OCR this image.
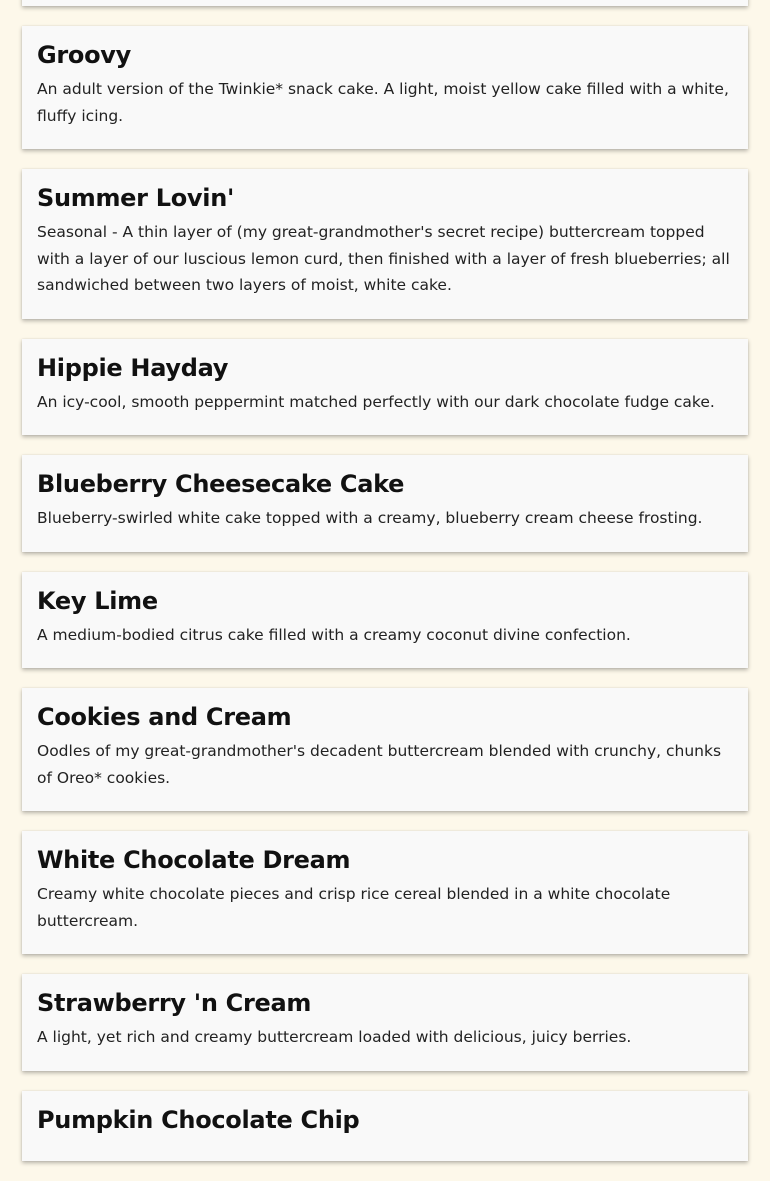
Groovy

An adult version of the Twinkie* snack cake. A light, moist yellow cake filled with a white, fluffy icing.

Summer Lovin'

Seasonal - A thin layer of (my great-grandmother's secret recipe) buttercream topped with a layer of our luscious lemon curd, then finished with a layer of fresh blueberries; all sandwiched between two layers of moist, white cake.

Hippie Hayday

An icy-cool, smooth peppermint matched perfectly with our dark chocolate fudge cake.

Blueberry Cheesecake Cake

Blueberry-swirled white cake topped with a creamy, blueberry cream cheese frosting.

Key Lime

A medium-bodied citrus cake filled with a creamy coconut divine confection.

Cookies and Cream

Oodles of my great-grandmother's decadent buttercream blended with crunchy, chunks of Oreo* cookies.

White Chocolate Dream

Creamy white chocolate pieces and crisp rice cereal blended in a white chocolate buttercream.

Strawberry 'n Cream

A light, yet rich and creamy buttercream loaded with delicious, juicy berries.

Pumpkin Chocolate Chip
